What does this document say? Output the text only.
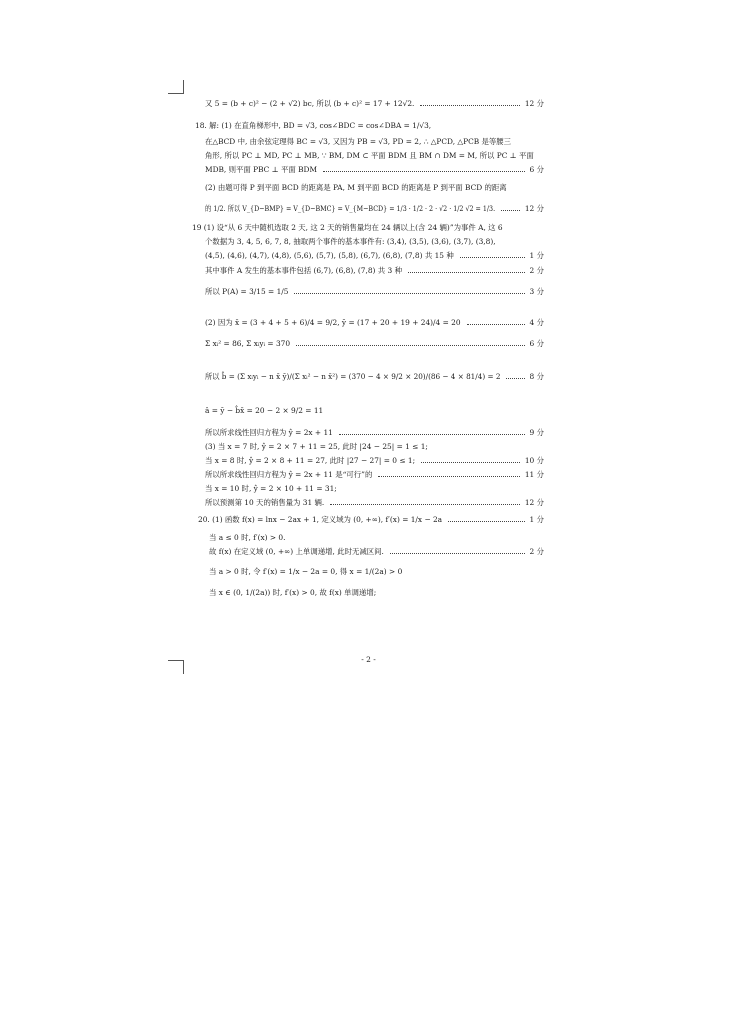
又 5 = (b + c)² − (2 + √2) bc, 所以 (b + c)² = 17 + 12√2.	12 分
18. 解: (1) 在直角梯形中, BD = √3, cos∠BDC = cos∠DBA = 1/√3,
在△BCD 中, 由余弦定理得 BC = √3, 又因为 PB = √3, PD = 2, ∴ △PCD, △PCB 是等腰三
角形, 所以 PC ⊥ MD, PC ⊥ MB, ∵ BM, DM ⊂ 平面 BDM 且 BM ∩ DM = M, 所以 PC ⊥ 平面
MDB, 则平面 PBC ⊥ 平面 BDM	6 分
(2) 由题可得 P 到平面 BCD 的距离是 PA, M 到平面 BCD 的距离是 P 到平面 BCD 的距离
的 1/2. 所以 V_{D−BMP} = V_{D−BMC} = V_{M−BCD} = 1/3 · 1/2 · 2 · √2 · 1/2 √2 = 1/3.	12 分
19 (1) 设“从 6 天中随机选取 2 天, 这 2 天的销售量均在 24 辆以上(含 24 辆)”为事件 A, 这 6
个数据为 3, 4, 5, 6, 7, 8, 抽取两个事件的基本事件有: (3,4), (3,5), (3,6), (3,7), (3,8),
(4,5), (4,6), (4,7), (4,8), (5,6), (5,7), (5,8), (6,7), (6,8), (7,8) 共 15 种	1 分
其中事件 A 发生的基本事件包括 (6,7), (6,8), (7,8) 共 3 种	2 分
所以 P(A) = 3/15 = 1/5	3 分
(2) 因为 x̄ = (3 + 4 + 5 + 6)/4 = 9/2, ȳ = (17 + 20 + 19 + 24)/4 = 20	4 分
Σ xᵢ² = 86, Σ xᵢyᵢ = 370	6 分
所以 b̂ = (Σ xᵢyᵢ − n x̄ ȳ)/(Σ xᵢ² − n x̄²) = (370 − 4 × 9/2 × 20)/(86 − 4 × 81/4) = 2	8 分
â = ȳ − b̂x̄ = 20 − 2 × 9/2 = 11
所以所求线性回归方程为 ŷ = 2x + 11	9 分
(3) 当 x = 7 时, ŷ = 2 × 7 + 11 = 25, 此时 |24 − 25| = 1 ≤ 1;
当 x = 8 时, ŷ = 2 × 8 + 11 = 27, 此时 |27 − 27| = 0 ≤ 1;	10 分
所以所求线性回归方程为 ŷ = 2x + 11 是“可行”的	11 分
当 x = 10 时, ŷ = 2 × 10 + 11 = 31;
所以预测第 10 天的销售量为 31 辆.	12 分
20. (1) 函数 f(x) = lnx − 2ax + 1, 定义域为 (0, +∞), f′(x) = 1/x − 2a	1 分
当 a ≤ 0 时, f′(x) > 0.
故 f(x) 在定义域 (0, +∞) 上单调递增, 此时无减区间.	2 分
当 a > 0 时, 令 f′(x) = 1/x − 2a = 0, 得 x = 1/(2a) > 0
当 x ∈ (0, 1/(2a)) 时, f′(x) > 0, 故 f(x) 单调递增;
- 2 -
